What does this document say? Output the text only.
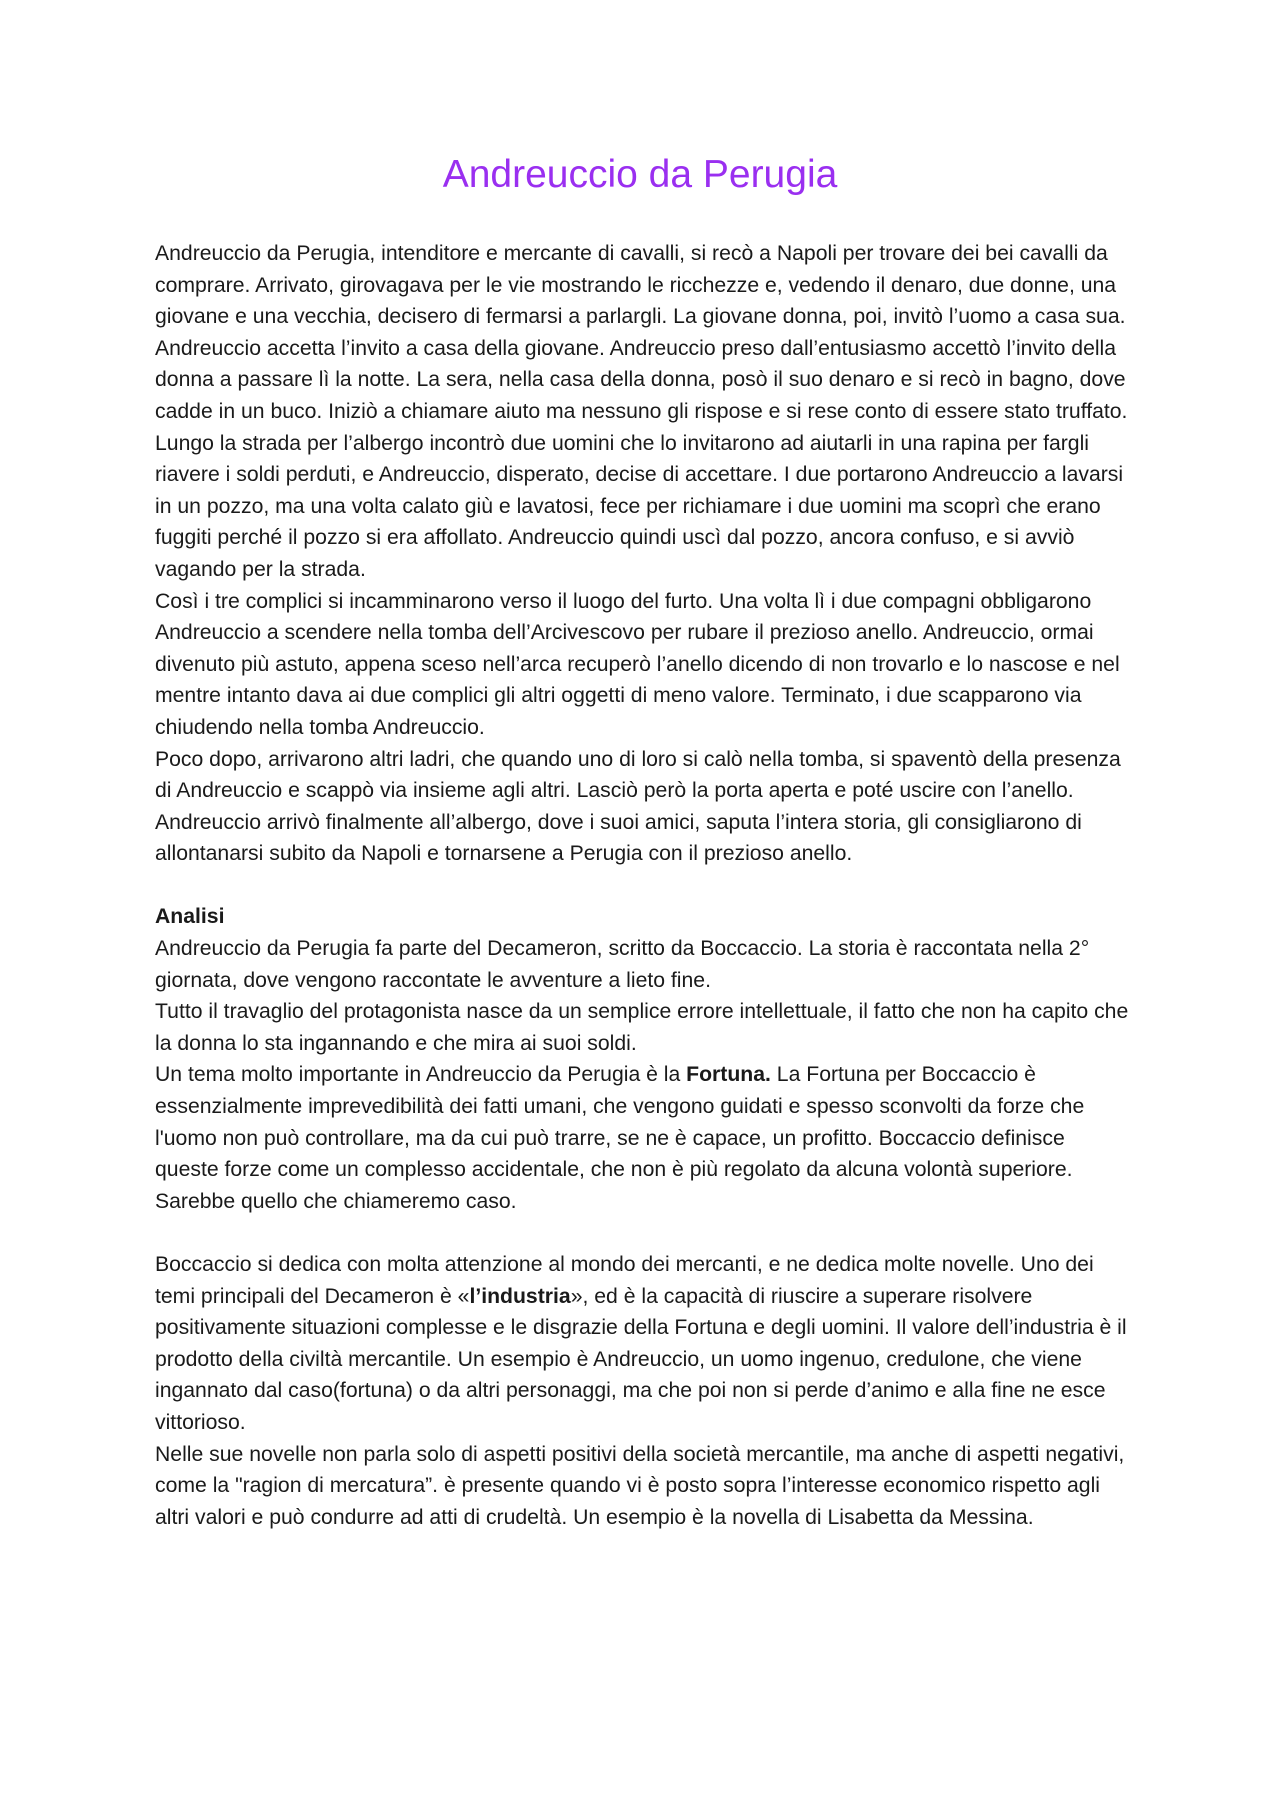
Andreuccio da Perugia

Andreuccio da Perugia, intenditore e mercante di cavalli, si recò a Napoli per trovare dei bei cavalli da comprare. Arrivato, girovagava per le vie mostrando le ricchezze e, vedendo il denaro, due donne, una giovane e una vecchia, decisero di fermarsi a parlargli. La giovane donna, poi, invitò l’uomo a casa sua. Andreuccio accetta l’invito a casa della giovane. Andreuccio preso dall’entusiasmo accettò l’invito della donna a passare lì la notte. La sera, nella casa della donna, posò il suo denaro e si recò in bagno, dove cadde in un buco. Iniziò a chiamare aiuto ma nessuno gli rispose e si rese conto di essere stato truffato. Lungo la strada per l’albergo incontrò due uomini che lo invitarono ad aiutarli in una rapina per fargli riavere i soldi perduti, e Andreuccio, disperato, decise di accettare. I due portarono Andreuccio a lavarsi in un pozzo, ma una volta calato giù e lavatosi, fece per richiamare i due uomini ma scoprì che erano fuggiti perché il pozzo si era affollato. Andreuccio quindi uscì dal pozzo, ancora confuso, e si avviò vagando per la strada.

Così i tre complici si incamminarono verso il luogo del furto. Una volta lì i due compagni obbligarono Andreuccio a scendere nella tomba dell’Arcivescovo per rubare il prezioso anello. Andreuccio, ormai divenuto più astuto, appena sceso nell’arca recuperò l’anello dicendo di non trovarlo e lo nascose e nel mentre intanto dava ai due complici gli altri oggetti di meno valore. Terminato, i due scapparono via chiudendo nella tomba Andreuccio.

Poco dopo, arrivarono altri ladri, che quando uno di loro si calò nella tomba, si spaventò della presenza di Andreuccio e scappò via insieme agli altri. Lasciò però la porta aperta e poté uscire con l’anello.

Andreuccio arrivò finalmente all’albergo, dove i suoi amici, saputa l’intera storia, gli consigliarono di allontanarsi subito da Napoli e tornarsene a Perugia con il prezioso anello.

Analisi

Andreuccio da Perugia fa parte del Decameron, scritto da Boccaccio. La storia è raccontata nella 2° giornata, dove vengono raccontate le avventure a lieto fine.

Tutto il travaglio del protagonista nasce da un semplice errore intellettuale, il fatto che non ha capito che la donna lo sta ingannando e che mira ai suoi soldi.

Un tema molto importante in Andreuccio da Perugia è la Fortuna. La Fortuna per Boccaccio è essenzialmente imprevedibilità dei fatti umani, che vengono guidati e spesso sconvolti da forze che l'uomo non può controllare, ma da cui può trarre, se ne è capace, un profitto. Boccaccio definisce queste forze come un complesso accidentale, che non è più regolato da alcuna volontà superiore. Sarebbe quello che chiameremo caso.

Boccaccio si dedica con molta attenzione al mondo dei mercanti, e ne dedica molte novelle. Uno dei temi principali del Decameron è «l’industria», ed è la capacità di riuscire a superare risolvere positivamente situazioni complesse e le disgrazie della Fortuna e degli uomini. Il valore dell’industria è il prodotto della civiltà mercantile. Un esempio è Andreuccio, un uomo ingenuo, credulone, che viene ingannato dal caso(fortuna) o da altri personaggi, ma che poi non si perde d’animo e alla fine ne esce vittorioso.

Nelle sue novelle non parla solo di aspetti positivi della società mercantile, ma anche di aspetti negativi, come la "ragion di mercatura”. è presente quando vi è posto sopra l’interesse economico rispetto agli altri valori e può condurre ad atti di crudeltà. Un esempio è la novella di Lisabetta da Messina.
